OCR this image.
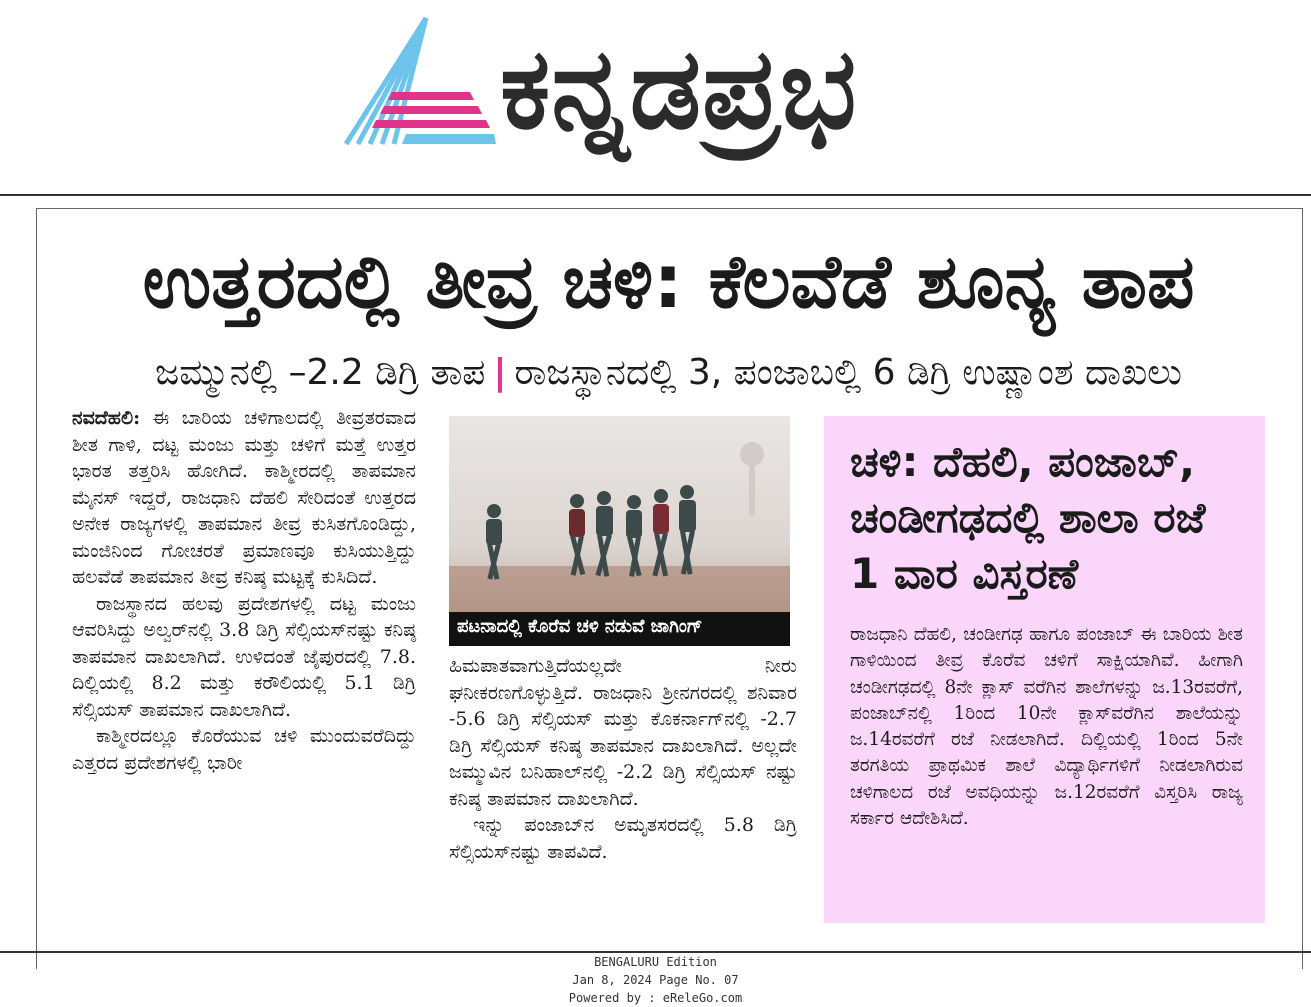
ಕನ್ನಡಪ್ರಭ
ಉತ್ತರದಲ್ಲಿ ತೀವ್ರ ಚಳಿ: ಕೆಲವೆಡೆ ಶೂನ್ಯ ತಾಪ
ಜಮ್ಮುನಲ್ಲಿ –2.2 ಡಿಗ್ರಿ ತಾಪ | ರಾಜಸ್ಥಾನದಲ್ಲಿ 3, ಪಂಜಾಬಲ್ಲಿ 6 ಡಿಗ್ರಿ ಉಷ್ಣಾಂಶ ದಾಖಲು

ನವದೆಹಲಿ: ಈ ಬಾರಿಯ ಚಳಿಗಾಲದಲ್ಲಿ ತೀವ್ರತರವಾದ ಶೀತ ಗಾಳಿ, ದಟ್ಟ ಮಂಜು ಮತ್ತು ಚಳಿಗೆ ಮತ್ತೆ ಉತ್ತರ ಭಾರತ ತತ್ತರಿಸಿ ಹೋಗಿದೆ. ಕಾಶ್ಮೀರದಲ್ಲಿ ತಾಪಮಾನ ಮೈನಸ್ ಇದ್ದರೆ, ರಾಜಧಾನಿ ದೆಹಲಿ ಸೇರಿದಂತೆ ಉತ್ತರದ ಅನೇಕ ರಾಜ್ಯಗಳಲ್ಲಿ ತಾಪಮಾನ ತೀವ್ರ ಕುಸಿತಗೊಂಡಿದ್ದು, ಮಂಜಿನಿಂದ ಗೋಚರತೆ ಪ್ರಮಾಣವೂ ಕುಸಿಯುತ್ತಿದ್ದು ಹಲವೆಡೆ ತಾಪಮಾನ ತೀವ್ರ ಕನಿಷ್ಠ ಮಟ್ಟಕ್ಕೆ ಕುಸಿದಿದೆ.

ರಾಜಸ್ಥಾನದ ಹಲವು ಪ್ರದೇಶಗಳಲ್ಲಿ ದಟ್ಟ ಮಂಜು ಆವರಿಸಿದ್ದು ಅಲ್ವರ್‌ನಲ್ಲಿ 3.8 ಡಿಗ್ರಿ ಸೆಲ್ಸಿಯಸ್‌ನಷ್ಟು ಕನಿಷ್ಠ ತಾಪಮಾನ ದಾಖಲಾಗಿದೆ. ಉಳಿದಂತೆ ಜೈಪುರದಲ್ಲಿ 7.8. ದಿಲ್ಲಿಯಲ್ಲಿ 8.2 ಮತ್ತು ಕರೌಲಿಯಲ್ಲಿ 5.1 ಡಿಗ್ರಿ ಸೆಲ್ಸಿಯಸ್ ತಾಪಮಾನ ದಾಖಲಾಗಿದೆ.

ಕಾಶ್ಮೀರದಲ್ಲೂ ಕೊರೆಯುವ ಚಳಿ ಮುಂದುವರೆದಿದ್ದು ಎತ್ತರದ ಪ್ರದೇಶಗಳಲ್ಲಿ ಭಾರೀ

ಪಟನಾದಲ್ಲಿ ಕೊರೆವ ಚಳಿ ನಡುವೆ ಜಾಗಿಂಗ್

ಹಿಮಪಾತವಾಗುತ್ತಿದೆಯಲ್ಲದೇ ನೀರು ಘನೀಕರಣಗೊಳ್ಳುತ್ತಿದೆ. ರಾಜಧಾನಿ ಶ್ರೀನಗರದಲ್ಲಿ ಶನಿವಾರ -5.6 ಡಿಗ್ರಿ ಸೆಲ್ಸಿಯಸ್ ಮತ್ತು ಕೊಕರ್ನಾಗ್‌ನಲ್ಲಿ -2.7 ಡಿಗ್ರಿ ಸೆಲ್ಸಿಯಸ್ ಕನಿಷ್ಠ ತಾಪಮಾನ ದಾಖಲಾಗಿದೆ. ಅಲ್ಲದೇ ಜಮ್ಮುವಿನ ಬನಿಹಾಲ್‌ನಲ್ಲಿ -2.2 ಡಿಗ್ರಿ ಸೆಲ್ಸಿಯಸ್ ನಷ್ಟು ಕನಿಷ್ಠ ತಾಪಮಾನ ದಾಖಲಾಗಿದೆ.

ಇನ್ನು ಪಂಜಾಬ್‌ನ ಅಮೃತಸರದಲ್ಲಿ 5.8 ಡಿಗ್ರಿ ಸೆಲ್ಸಿಯಸ್‌ನಷ್ಟು ತಾಪವಿದೆ.

ಚಳಿ: ದೆಹಲಿ, ಪಂಜಾಬ್, ಚಂಡೀಗಢದಲ್ಲಿ ಶಾಲಾ ರಜೆ 1 ವಾರ ವಿಸ್ತರಣೆ
ರಾಜಧಾನಿ ದೆಹಲಿ, ಚಂಡೀಗಢ ಹಾಗೂ ಪಂಜಾಬ್ ಈ ಬಾರಿಯ ಶೀತ ಗಾಳಿಯಿಂದ ತೀವ್ರ ಕೊರೆವ ಚಳಿಗೆ ಸಾಕ್ಷಿಯಾಗಿವೆ. ಹೀಗಾಗಿ ಚಂಡೀಗಢದಲ್ಲಿ 8ನೇ ಕ್ಲಾಸ್ ವರೆಗಿನ ಶಾಲೆಗಳನ್ನು ಜ.13ರವರೆಗೆ, ಪಂಜಾಬ್‌ನಲ್ಲಿ 1ರಿಂದ 10ನೇ ಕ್ಲಾಸ್‌ವರೆಗಿನ ಶಾಲೆಯನ್ನು ಜ.14ರವರೆಗೆ ರಜೆ ನೀಡಲಾಗಿದೆ. ದಿಲ್ಲಿಯಲ್ಲಿ 1ರಿಂದ 5ನೇ ತರಗತಿಯ ಪ್ರಾಥಮಿಕ ಶಾಲೆ ವಿದ್ಯಾರ್ಥಿಗಳಿಗೆ ನೀಡಲಾಗಿರುವ ಚಳಿಗಾಲದ ರಜೆ ಅವಧಿಯನ್ನು ಜ.12ರವರೆಗೆ ವಿಸ್ತರಿಸಿ ರಾಜ್ಯ ಸರ್ಕಾರ ಆದೇಶಿಸಿದೆ.
BENGALURU Edition
Jan 8, 2024 Page No. 07
Powered by : eReleGo.com
